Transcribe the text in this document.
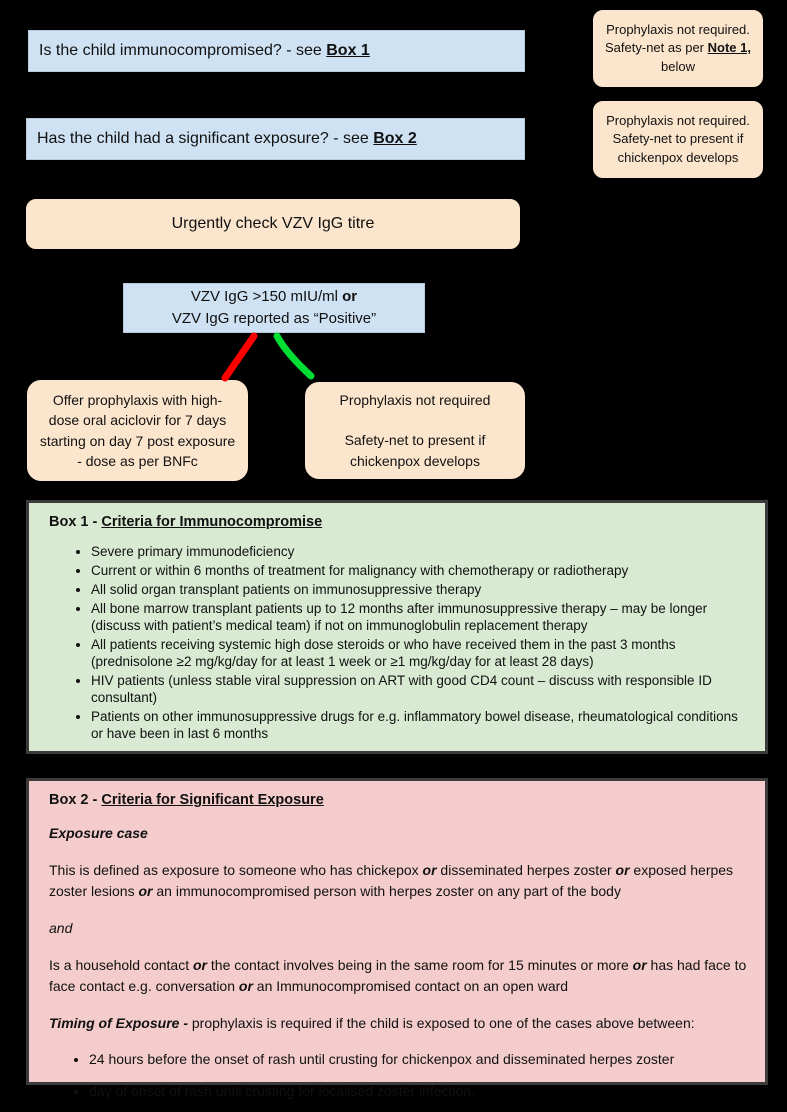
Is the child immunocompromised? - see Box 1
Prophylaxis not required. Safety-net as per Note 1, below
Has the child had a significant exposure? - see Box 2
Prophylaxis not required. Safety-net to present if chickenpox develops
Urgently check VZV IgG titre
VZV IgG >150 mIU/ml or
VZV IgG reported as “Positive”
Offer prophylaxis with high-dose oral aciclovir for 7 days starting on day 7 post exposure - dose as per BNFc
Prophylaxis not required
Safety-net to present if chickenpox develops
Box 1 - Criteria for Immunocompromise
• Severe primary immunodeficiency
• Current or within 6 months of treatment for malignancy with chemotherapy or radiotherapy
• All solid organ transplant patients on immunosuppressive therapy
• All bone marrow transplant patients up to 12 months after immunosuppressive therapy – may be longer (discuss with patient’s medical team) if not on immunoglobulin replacement therapy
• All patients receiving systemic high dose steroids or who have received them in the past 3 months (prednisolone ≥2 mg/kg/day for at least 1 week or ≥1 mg/kg/day for at least 28 days)
• HIV patients (unless stable viral suppression on ART with good CD4 count – discuss with responsible ID consultant)
• Patients on other immunosuppressive drugs for e.g. inflammatory bowel disease, rheumatological conditions or have been in last 6 months
Box 2 - Criteria for Significant Exposure
Exposure case
This is defined as exposure to someone who has chickepox or disseminated herpes zoster or exposed herpes zoster lesions or an immunocompromised person with herpes zoster on any part of the body
and
Is a household contact or the contact involves being in the same room for 15 minutes or more or has had face to face contact e.g. conversation or an Immunocompromised contact on an open ward
Timing of Exposure - prophylaxis is required if the child is exposed to one of the cases above between:
• 24 hours before the onset of rash until crusting for chickenpox and disseminated herpes zoster
• day of onset of rash until crusting for localised zoster infection.
